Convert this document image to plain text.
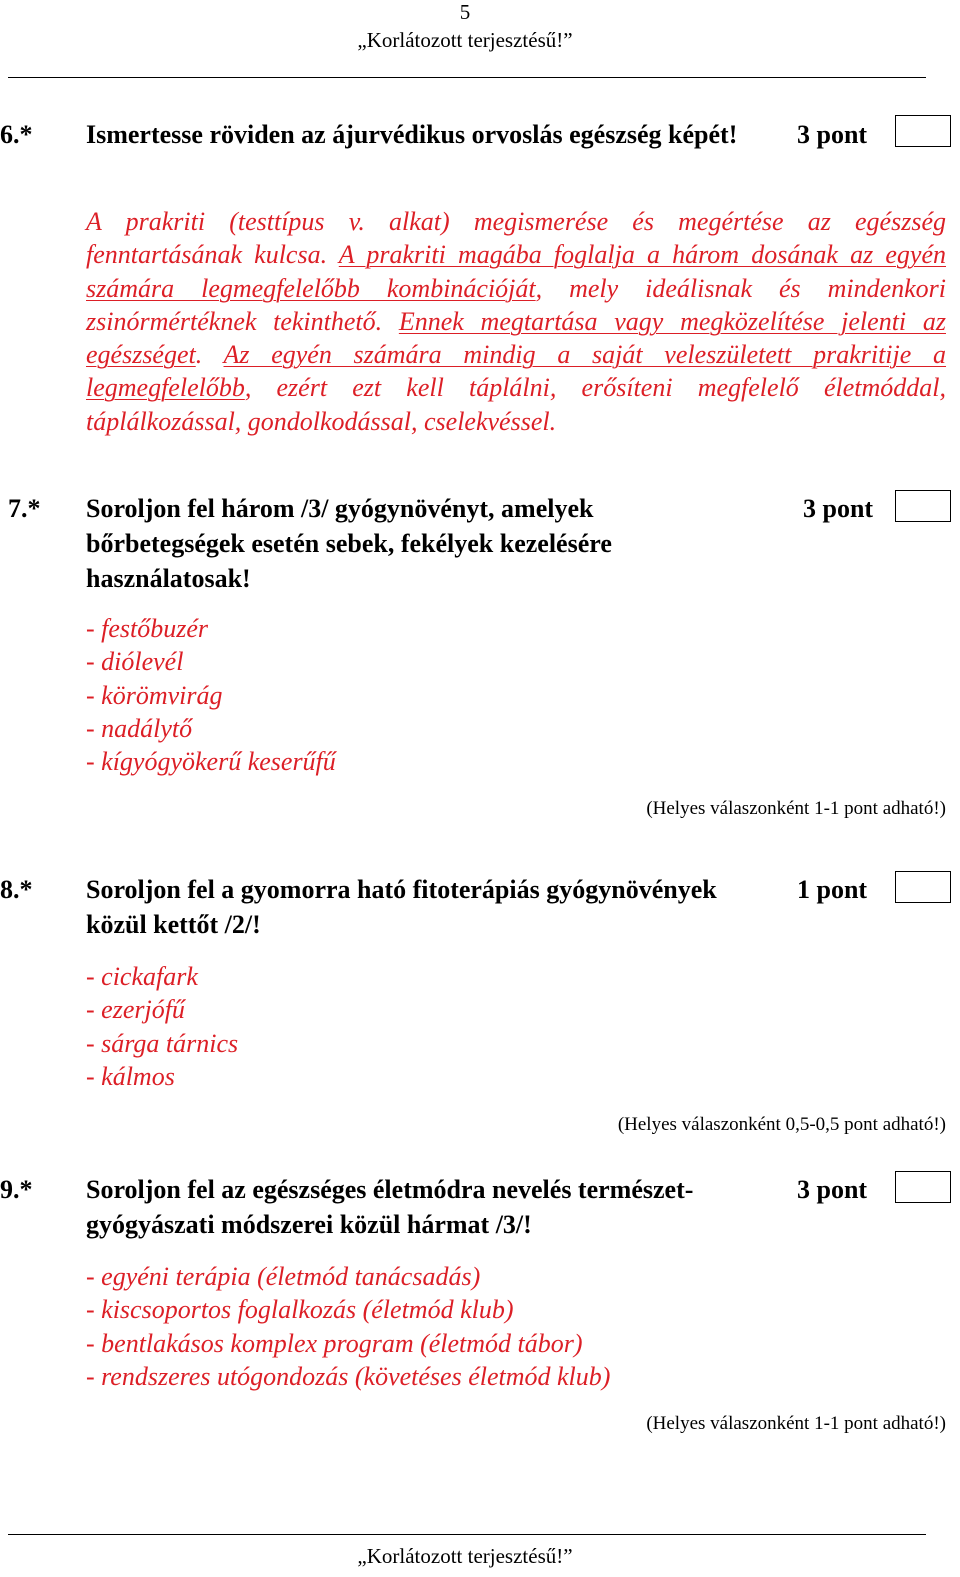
5
„Korlátozott terjesztésű!”
6.* Ismertesse röviden az ájurvédikus orvoslás egészség képét!	3 pont
A prakriti (testtípus v. alkat) megismerése és megértése az egészség fenntartásának kulcsa. A prakriti magába foglalja a három dosának az egyén számára legmegfelelőbb kombinációját, mely ideálisnak és mindenkori zsinórmértéknek tekinthető. Ennek megtartása vagy megközelítése jelenti az egészséget. Az egyén számára mindig a saját veleszületett prakritije a legmegfelelőbb, ezért ezt kell táplálni, erősíteni megfelelő életmóddal, táplálkozással, gondolkodással, cselekvéssel.
7.* Soroljon fel három /3/ gyógynövényt, amelyek
bőrbetegségek esetén sebek, fekélyek kezelésére
használatosak!
3 pont
- festőbuzér
- diólevél
- körömvirág
- nadálytő
- kígyógyökerű keserűfű
(Helyes válaszonként 1-1 pont adható!)
8.* Soroljon fel a gyomorra ható fitoterápiás gyógynövények
közül kettőt /2/!
1 pont
- cickafark
- ezerjófű
- sárga tárnics
- kálmos
(Helyes válaszonként 0,5-0,5 pont adható!)
9.* Soroljon fel az egészséges életmódra nevelés természet-
gyógyászati módszerei közül hármat /3/!
3 pont
- egyéni terápia (életmód tanácsadás)
- kiscsoportos foglalkozás (életmód klub)
- bentlakásos komplex program (életmód tábor)
- rendszeres utógondozás (követéses életmód klub)
(Helyes válaszonként 1-1 pont adható!)
„Korlátozott terjesztésű!”
